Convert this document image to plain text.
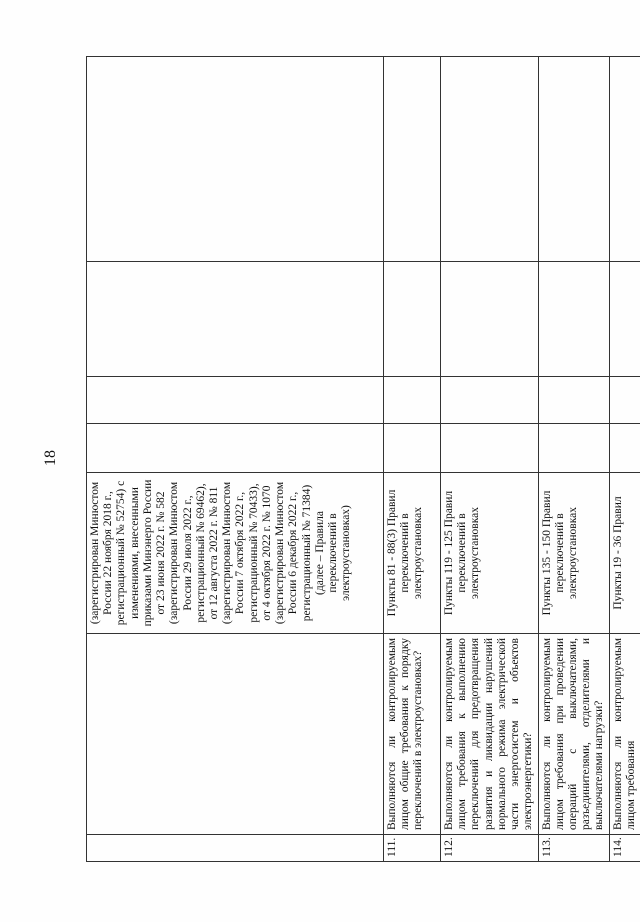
18
		(зарегистрирован Минюстом России 22 ноября 2018 г., регистрационный № 52754) с изменениями, внесенными приказами Минэнерго России от 23 июня 2022 г. № 582 (зарегистрирован Минюстом России 29 июля 2022 г., регистрационный № 69462), от 12 августа 2022 г. № 811 (зарегистрирован Минюстом России 7 октября 2022 г., регистрационный № 70433), от 4 октября 2022 г. № 1070 (зарегистрирован Минюстом России 6 декабря 2022 г., регистрационный № 71384) (далее – Правила переключений в электроустановках)				
111.	Выполняются ли контролируемым лицом общие требования к порядку переключений в электроустановках?	Пункты 81 - 88(3) Правил переключений в электроустановках				
112.	Выполняются ли контролируемым лицом требования к выполнению переключений для предотвращения развития и ликвидации нарушений нормального режима электрической части энергосистем и объектов электроэнергетики?	Пункты 119 - 125 Правил переключений в электроустановках				
113.	Выполняются ли контролируемым лицом требования при проведении операций с выключателями, разъединителями, отделителями и выключателями нагрузки?	Пункты 135 - 150 Правил переключений в электроустановках				
114.	Выполняются ли контролируемым лицом требования	Пункты 19 - 36 Правил				
